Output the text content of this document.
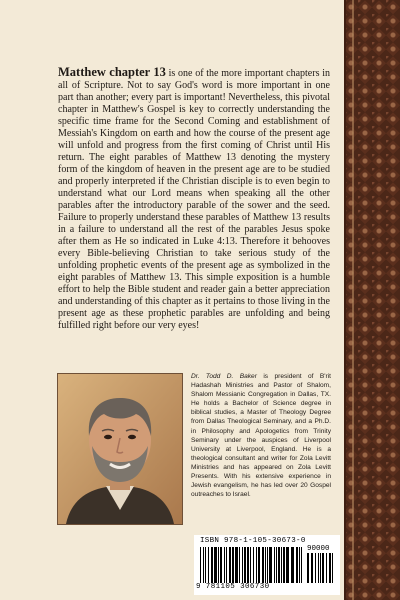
Matthew chapter 13 is one of the more important chapters in all of Scripture. Not to say God's word is more important in one part than another; every part is important! Nevertheless, this pivotal chapter in Matthew's Gospel is key to correctly understanding the specific time frame for the Second Coming and establishment of Messiah's Kingdom on earth and how the course of the present age will unfold and progress from the first coming of Christ until His return. The eight parables of Matthew 13 denoting the mystery form of the kingdom of heaven in the present age are to be studied and properly interpreted if the Christian disciple is to even begin to understand what our Lord means when speaking all the other parables after the introductory parable of the sower and the seed. Failure to properly understand these parables of Matthew 13 results in a failure to understand all the rest of the parables Jesus spoke after them as He so indicated in Luke 4:13. Therefore it behooves every Bible-believing Christian to take serious study of the unfolding prophetic events of the present age as symbolized in the eight parables of Matthew 13. This simple exposition is a humble effort to help the Bible student and reader gain a better appreciation and understanding of this chapter as it pertains to those living in the present age as these prophetic parables are unfolding and being fulfilled right before our very eyes!

Dr. Todd D. Baker is president of B'rit Hadashah Ministries and Pastor of Shalom, Shalom Messianic Congregation in Dallas, TX. He holds a Bachelor of Science degree in biblical studies, a Master of Theology Degree from Dallas Theological Seminary, and a Ph.D. in Philosophy and Apologetics from Trinity Seminary under the auspices of Liverpool University at Liverpool, England. He is a theological consultant and writer for Zola Levitt Ministries and has appeared on Zola Levitt Presents. With his extensive experience in Jewish evangelism, he has led over 20 Gospel outreaches to Israel.

ISBN 978-1-105-30673-0
90000
9 781105 306730
